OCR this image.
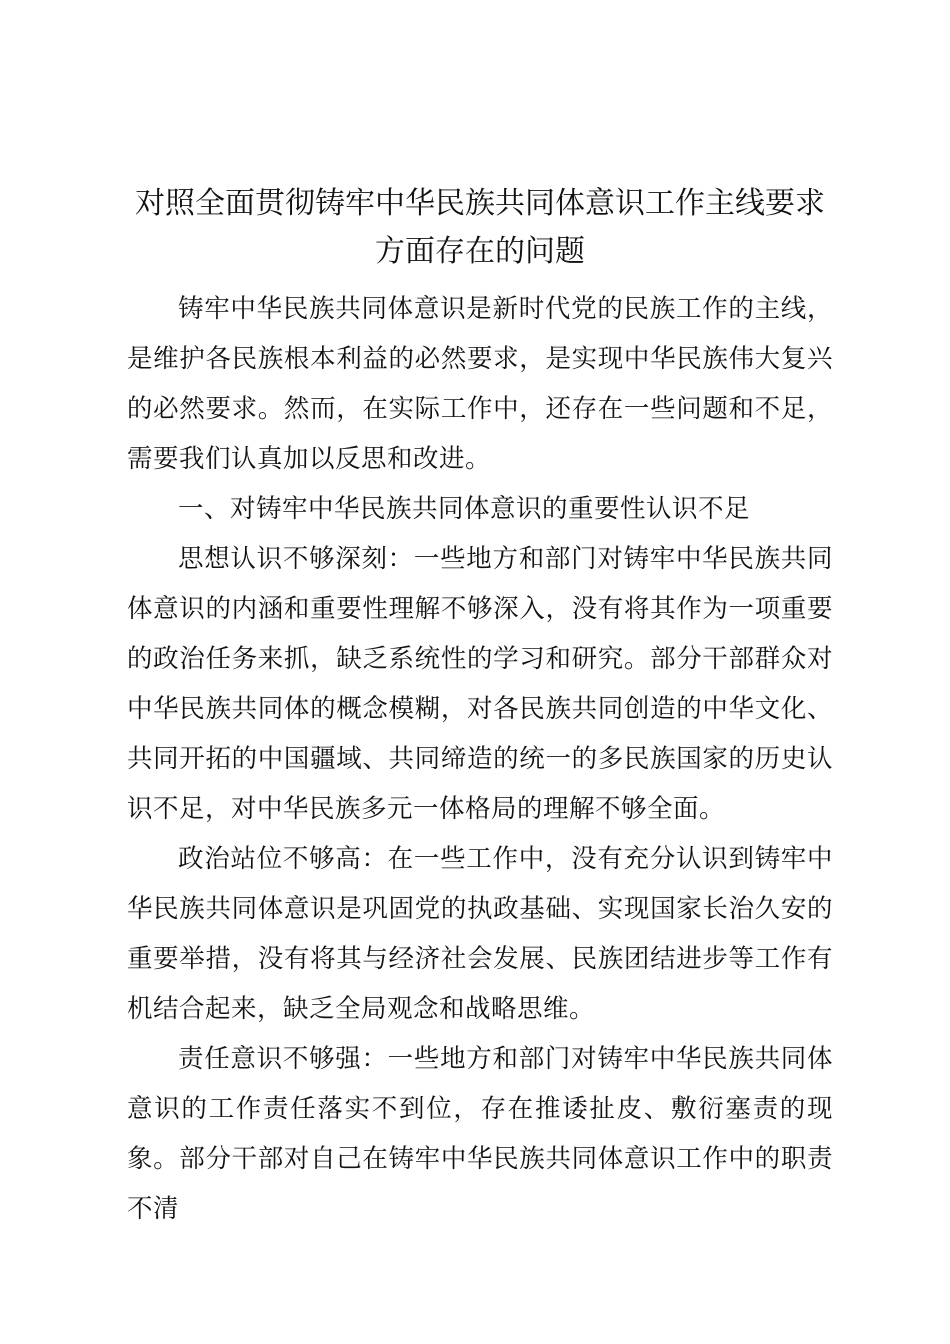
对照全面贯彻铸牢中华民族共同体意识工作主线要求方面存在的问题

铸牢中华民族共同体意识是新时代党的民族工作的主线，是维护各民族根本利益的必然要求，是实现中华民族伟大复兴的必然要求。然而，在实际工作中，还存在一些问题和不足，需要我们认真加以反思和改进。

一、对铸牢中华民族共同体意识的重要性认识不足

思想认识不够深刻：一些地方和部门对铸牢中华民族共同体意识的内涵和重要性理解不够深入，没有将其作为一项重要的政治任务来抓，缺乏系统性的学习和研究。部分干部群众对中华民族共同体的概念模糊，对各民族共同创造的中华文化、共同开拓的中国疆域、共同缔造的统一的多民族国家的历史认识不足，对中华民族多元一体格局的理解不够全面。

政治站位不够高：在一些工作中，没有充分认识到铸牢中华民族共同体意识是巩固党的执政基础、实现国家长治久安的重要举措，没有将其与经济社会发展、民族团结进步等工作有机结合起来，缺乏全局观念和战略思维。

责任意识不够强：一些地方和部门对铸牢中华民族共同体意识的工作责任落实不到位，存在推诿扯皮、敷衍塞责的现象。部分干部对自己在铸牢中华民族共同体意识工作中的职责不清
